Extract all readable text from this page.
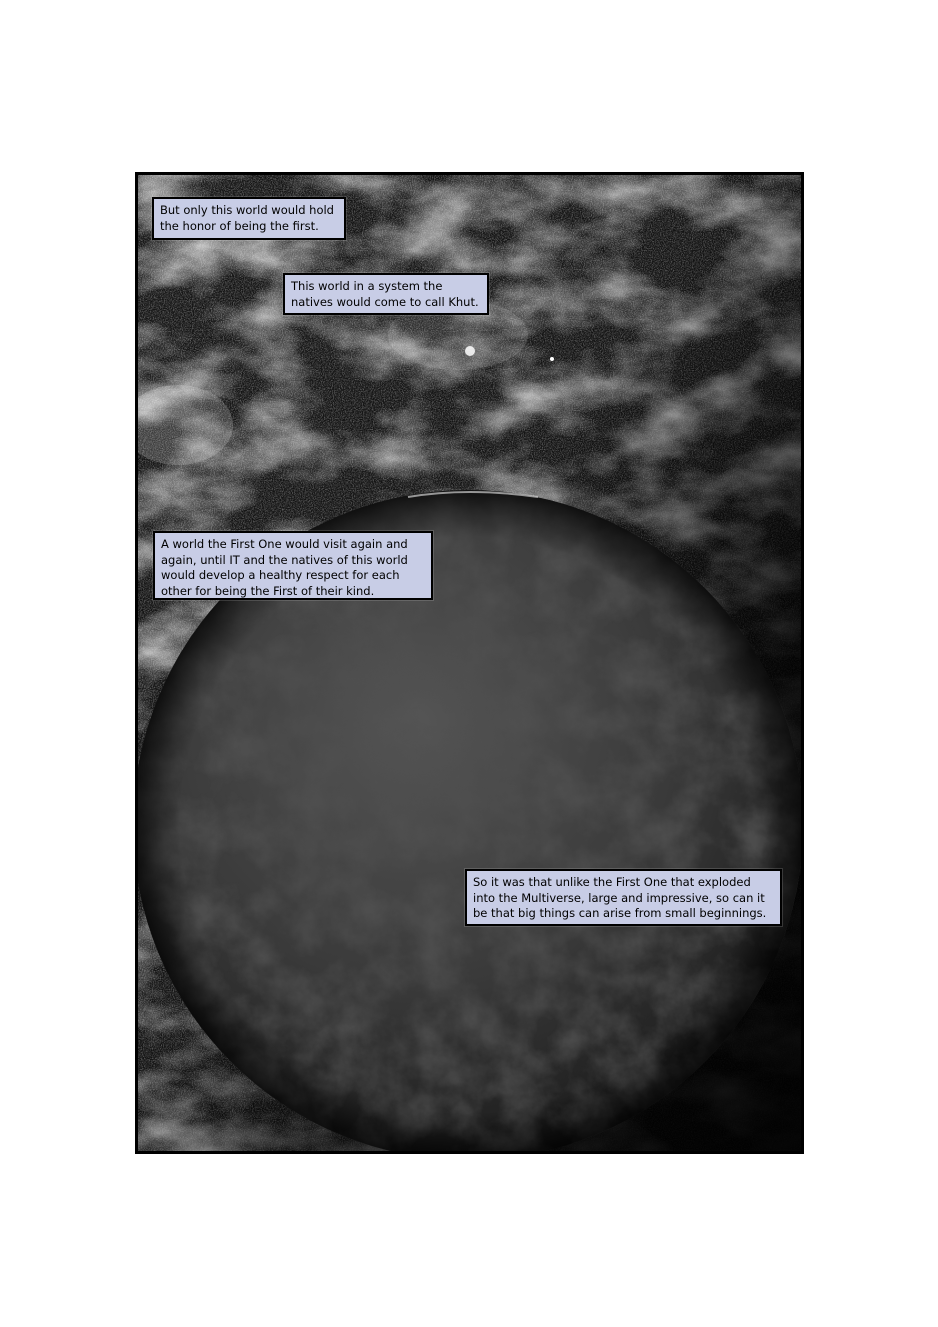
But only this world would hold
the honor of being the first.
This world in a system the
natives would come to call Khut.
A world the First One would visit again and
again, until IT and the natives of this world
would develop a healthy respect for each
other for being the First of their kind.
So it was that unlike the First One that exploded
into the Multiverse, large and impressive, so can it
be that big things can arise from small beginnings.
